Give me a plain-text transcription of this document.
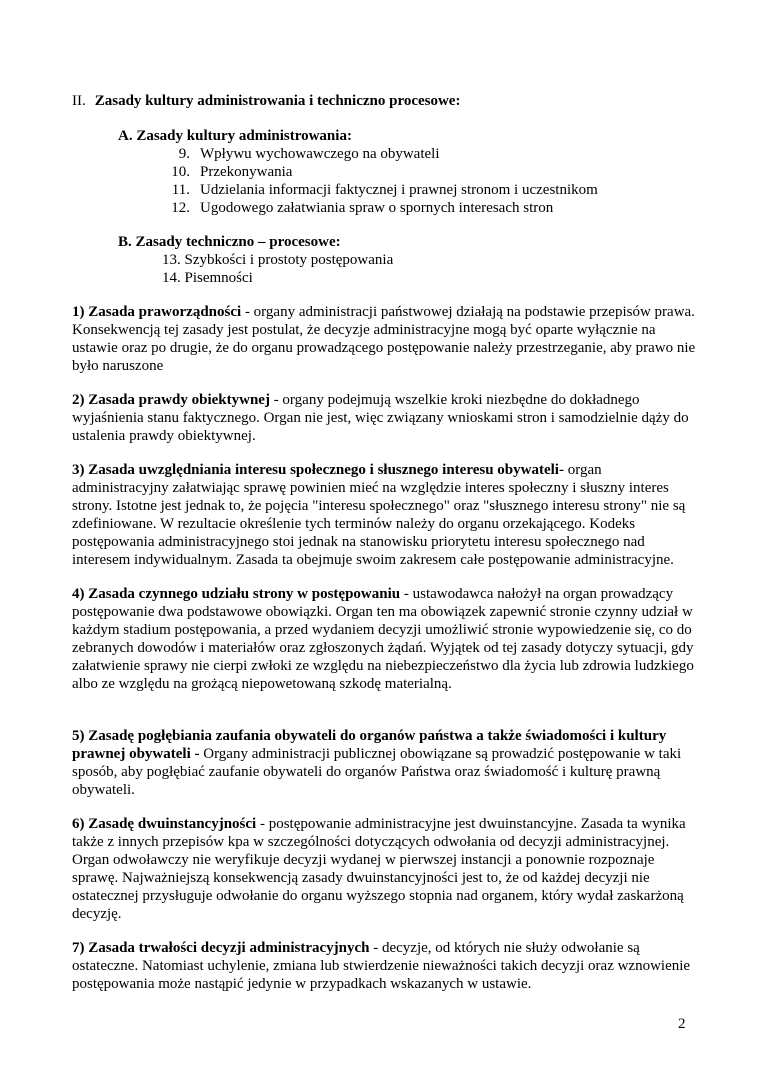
II. Zasady kultury administrowania i techniczno procesowe:
A. Zasady kultury administrowania:
9. Wpływu wychowawczego na obywateli
10. Przekonywania
11. Udzielania informacji faktycznej i prawnej stronom i uczestnikom
12. Ugodowego załatwiania spraw o spornych interesach stron
B. Zasady techniczno – procesowe:
13. Szybkości i prostoty postępowania
14. Pisemności

1) Zasada praworządności - organy administracji państwowej działają na podstawie przepisów prawa. Konsekwencją tej zasady jest postulat, że decyzje administracyjne mogą być oparte wyłącznie na ustawie oraz po drugie, że do organu prowadzącego postępowanie należy przestrzeganie, aby prawo nie było naruszone

2) Zasada prawdy obiektywnej - organy podejmują wszelkie kroki niezbędne do dokładnego wyjaśnienia stanu faktycznego. Organ nie jest, więc związany wnioskami stron i samodzielnie dąży do ustalenia prawdy obiektywnej.

3) Zasada uwzględniania interesu społecznego i słusznego interesu obywateli- organ administracyjny załatwiając sprawę powinien mieć na względzie interes społeczny i słuszny interes strony. Istotne jest jednak to, że pojęcia "interesu społecznego" oraz "słusznego interesu strony" nie są zdefiniowane. W rezultacie określenie tych terminów należy do organu orzekającego. Kodeks postępowania administracyjnego stoi jednak na stanowisku priorytetu interesu społecznego nad interesem indywidualnym. Zasada ta obejmuje swoim zakresem całe postępowanie administracyjne.

4) Zasada czynnego udziału strony w postępowaniu - ustawodawca nałożył na organ prowadzący postępowanie dwa podstawowe obowiązki. Organ ten ma obowiązek zapewnić stronie czynny udział w każdym stadium postępowania, a przed wydaniem decyzji umożliwić stronie wypowiedzenie się, co do zebranych dowodów i materiałów oraz zgłoszonych żądań. Wyjątek od tej zasady dotyczy sytuacji, gdy załatwienie sprawy nie cierpi zwłoki ze względu na niebezpieczeństwo dla życia lub zdrowia ludzkiego albo ze względu na grożącą niepowetowaną szkodę materialną.

5) Zasadę pogłębiania zaufania obywateli do organów państwa a także świadomości i kultury prawnej obywateli - Organy administracji publicznej obowiązane są prowadzić postępowanie w taki sposób, aby pogłębiać zaufanie obywateli do organów Państwa oraz świadomość i kulturę prawną obywateli.

6) Zasadę dwuinstancyjności - postępowanie administracyjne jest dwuinstancyjne. Zasada ta wynika także z innych przepisów kpa w szczególności dotyczących odwołania od decyzji administracyjnej. Organ odwoławczy nie weryfikuje decyzji wydanej w pierwszej instancji a ponownie rozpoznaje sprawę. Najważniejszą konsekwencją zasady dwuinstancyjności jest to, że od każdej decyzji nie ostatecznej przysługuje odwołanie do organu wyższego stopnia nad organem, który wydał zaskarżoną decyzję.

7) Zasada trwałości decyzji administracyjnych - decyzje, od których nie służy odwołanie są ostateczne. Natomiast uchylenie, zmiana lub stwierdzenie nieważności takich decyzji oraz wznowienie postępowania może nastąpić jedynie w przypadkach wskazanych w ustawie.

2
